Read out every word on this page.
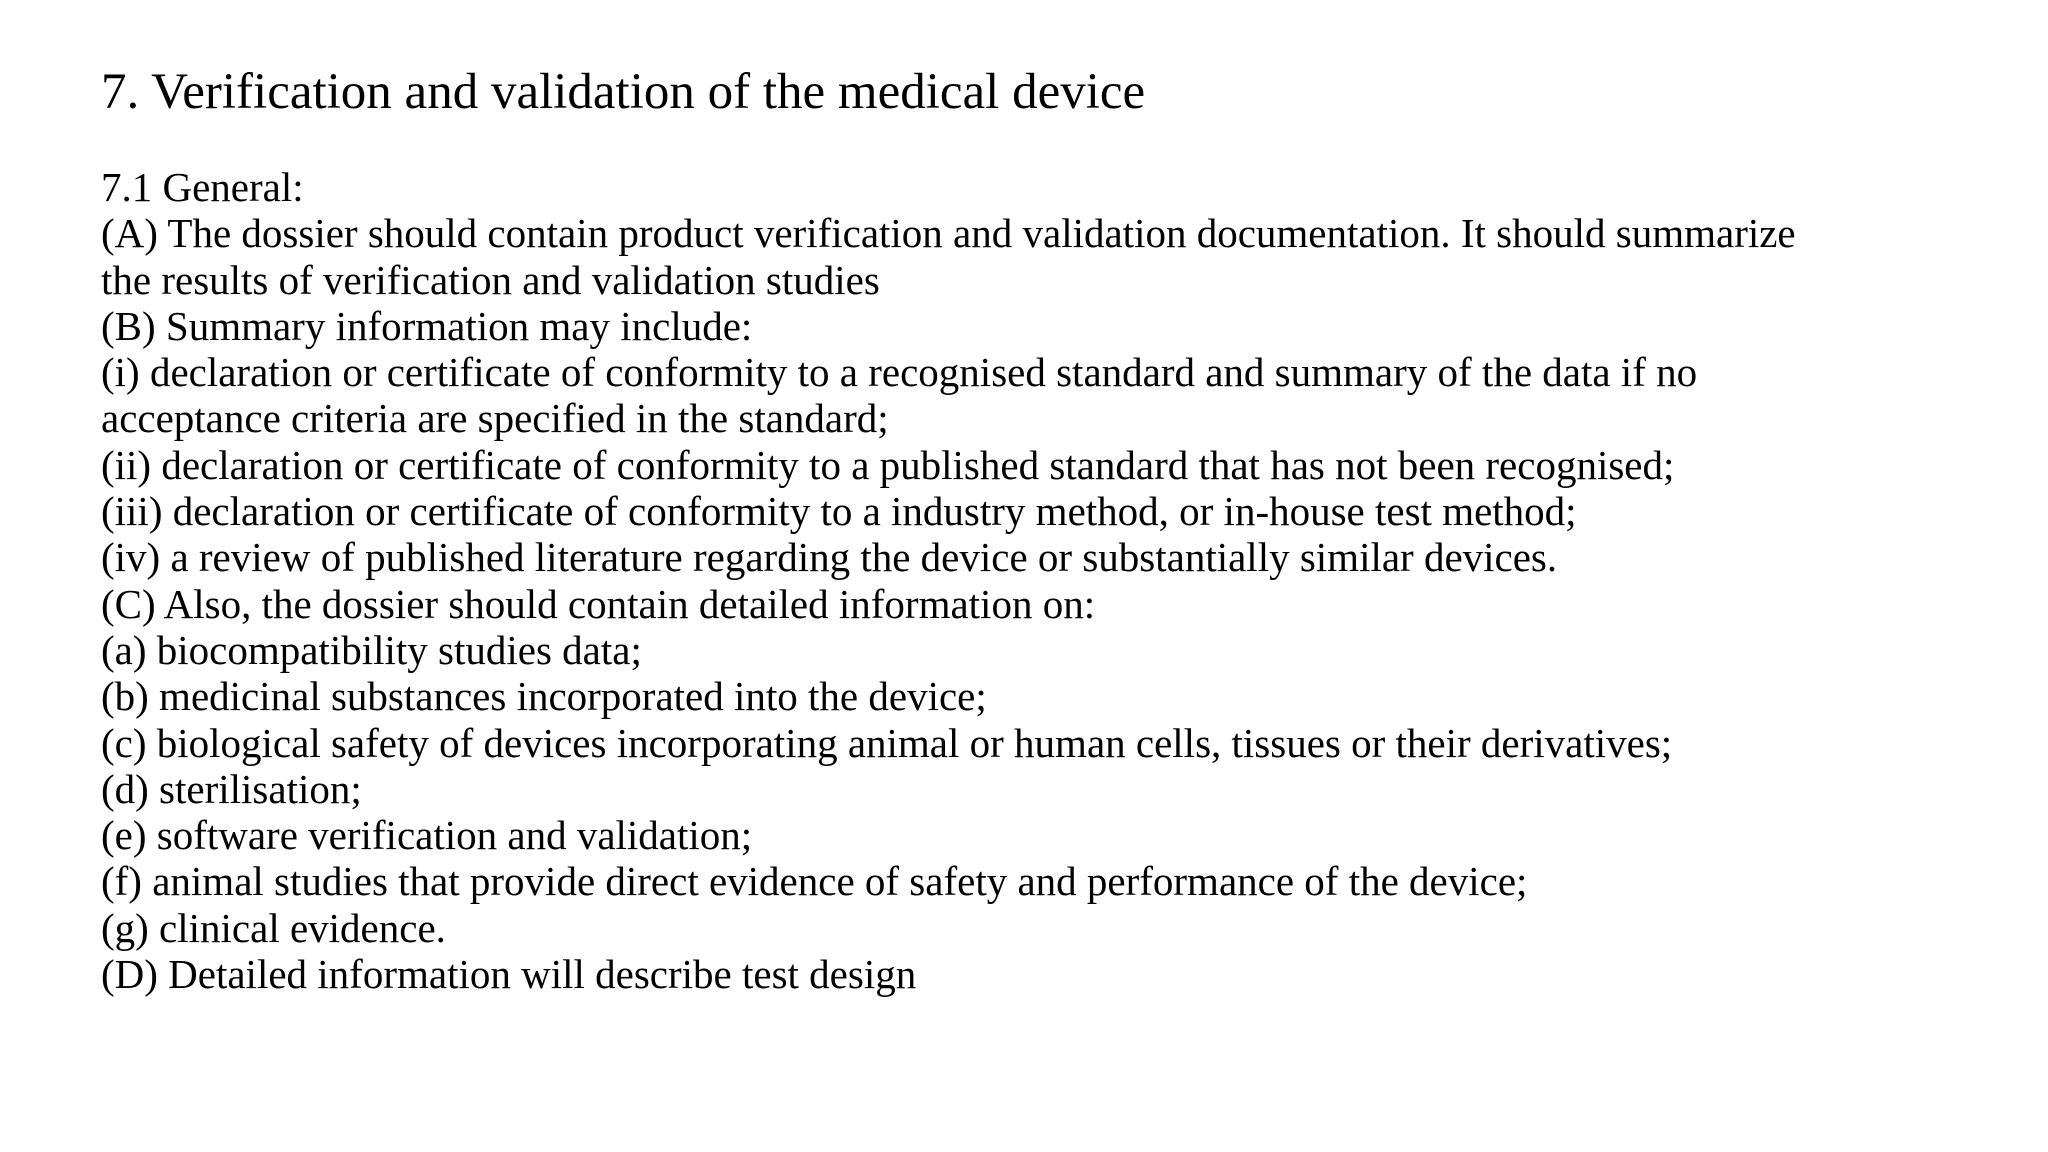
7. Verification and validation of the medical device
7.1 General:
(A) The dossier should contain product verification and validation documentation. It should summarize
the results of verification and validation studies
(B) Summary information may include:
(i) declaration or certificate of conformity to a recognised standard and summary of the data if no
acceptance criteria are specified in the standard;
(ii) declaration or certificate of conformity to a published standard that has not been recognised;
(iii) declaration or certificate of conformity to a industry method, or in-house test method;
(iv) a review of published literature regarding the device or substantially similar devices.
(C) Also, the dossier should contain detailed information on:
(a) biocompatibility studies data;
(b) medicinal substances incorporated into the device;
(c) biological safety of devices incorporating animal or human cells, tissues or their derivatives;
(d) sterilisation;
(e) software verification and validation;
(f) animal studies that provide direct evidence of safety and performance of the device;
(g) clinical evidence.
(D) Detailed information will describe test design
